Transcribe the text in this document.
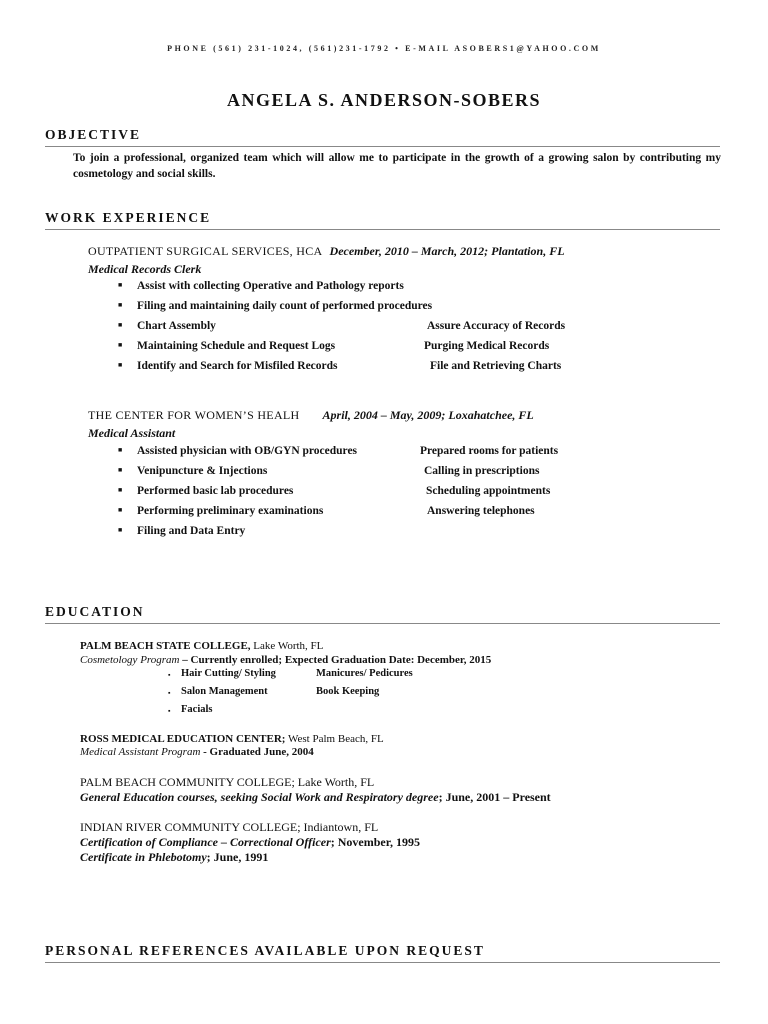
PHONE (561) 231-1024, (561)231-1792 • E-MAIL ASOBERS1@YAHOO.COM
ANGELA S. ANDERSON-SOBERS
OBJECTIVE
To join a professional, organized team which will allow me to participate in the growth of a growing salon by contributing my cosmetology and social skills.
WORK EXPERIENCE
OUTPATIENT SURGICAL SERVICES, HCA December, 2010 – March, 2012; Plantation, FL
Medical Records Clerk
■ Assist with collecting Operative and Pathology reports
■ Filing and maintaining daily count of performed procedures
■ Chart Assembly	Assure Accuracy of Records
■ Maintaining Schedule and Request Logs	Purging Medical Records
■ Identify and Search for Misfiled Records	File and Retrieving Charts
THE CENTER FOR WOMEN’S HEALH April, 2004 – May, 2009; Loxahatchee, FL
Medical Assistant
■ Assisted physician with OB/GYN procedures	Prepared rooms for patients
■ Venipuncture & Injections	Calling in prescriptions
■ Performed basic lab procedures	Scheduling appointments
■ Performing preliminary examinations	Answering telephones
■ Filing and Data Entry
EDUCATION
PALM BEACH STATE COLLEGE, Lake Worth, FL
Cosmetology Program – Currently enrolled; Expected Graduation Date: December, 2015
▪ Hair Cutting/ Styling	Manicures/ Pedicures
▪ Salon Management	Book Keeping
▪ Facials
ROSS MEDICAL EDUCATION CENTER; West Palm Beach, FL
Medical Assistant Program - Graduated June, 2004
PALM BEACH COMMUNITY COLLEGE; Lake Worth, FL
General Education courses, seeking Social Work and Respiratory degree; June, 2001 – Present
INDIAN RIVER COMMUNITY COLLEGE; Indiantown, FL
Certification of Compliance – Correctional Officer; November, 1995
Certificate in Phlebotomy; June, 1991
PERSONAL REFERENCES AVAILABLE UPON REQUEST
